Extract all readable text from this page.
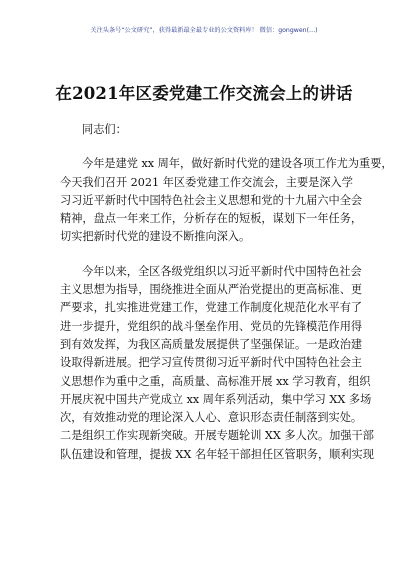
关注头条号“公文研究”，获得最新最全最专业的公文资料库！ 微信：gongwen(…)
在2021年区委党建工作交流会上的讲话
同志们：
今年是建党 xx 周年，做好新时代党的建设各项工作尤为重要，
今天我们召开 2021 年区委党建工作交流会，主要是深入学
习习近平新时代中国特色社会主义思想和党的十九届六中全会
精神，盘点一年来工作，分析存在的短板，谋划下一年任务，
切实把新时代党的建设不断推向深入。
今年以来，全区各级党组织以习近平新时代中国特色社会
主义思想为指导，围绕推进全面从严治党提出的更高标准、更
严要求，扎实推进党建工作，党建工作制度化规范化水平有了
进一步提升，党组织的战斗堡垒作用、党员的先锋模范作用得
到有效发挥，为我区高质量发展提供了坚强保证。一是政治建
设取得新进展。把学习宣传贯彻习近平新时代中国特色社会主
义思想作为重中之重，高质量、高标准开展 xx 学习教育，组织
开展庆祝中国共产党成立 xx 周年系列活动，集中学习 XX 多场
次，有效推动党的理论深入人心、意识形态责任制落到实处。
二是组织工作实现新突破。开展专题轮训 XX 多人次。加强干部
队伍建设和管理，提拔 XX 名年轻干部担任区管职务，顺利实现
